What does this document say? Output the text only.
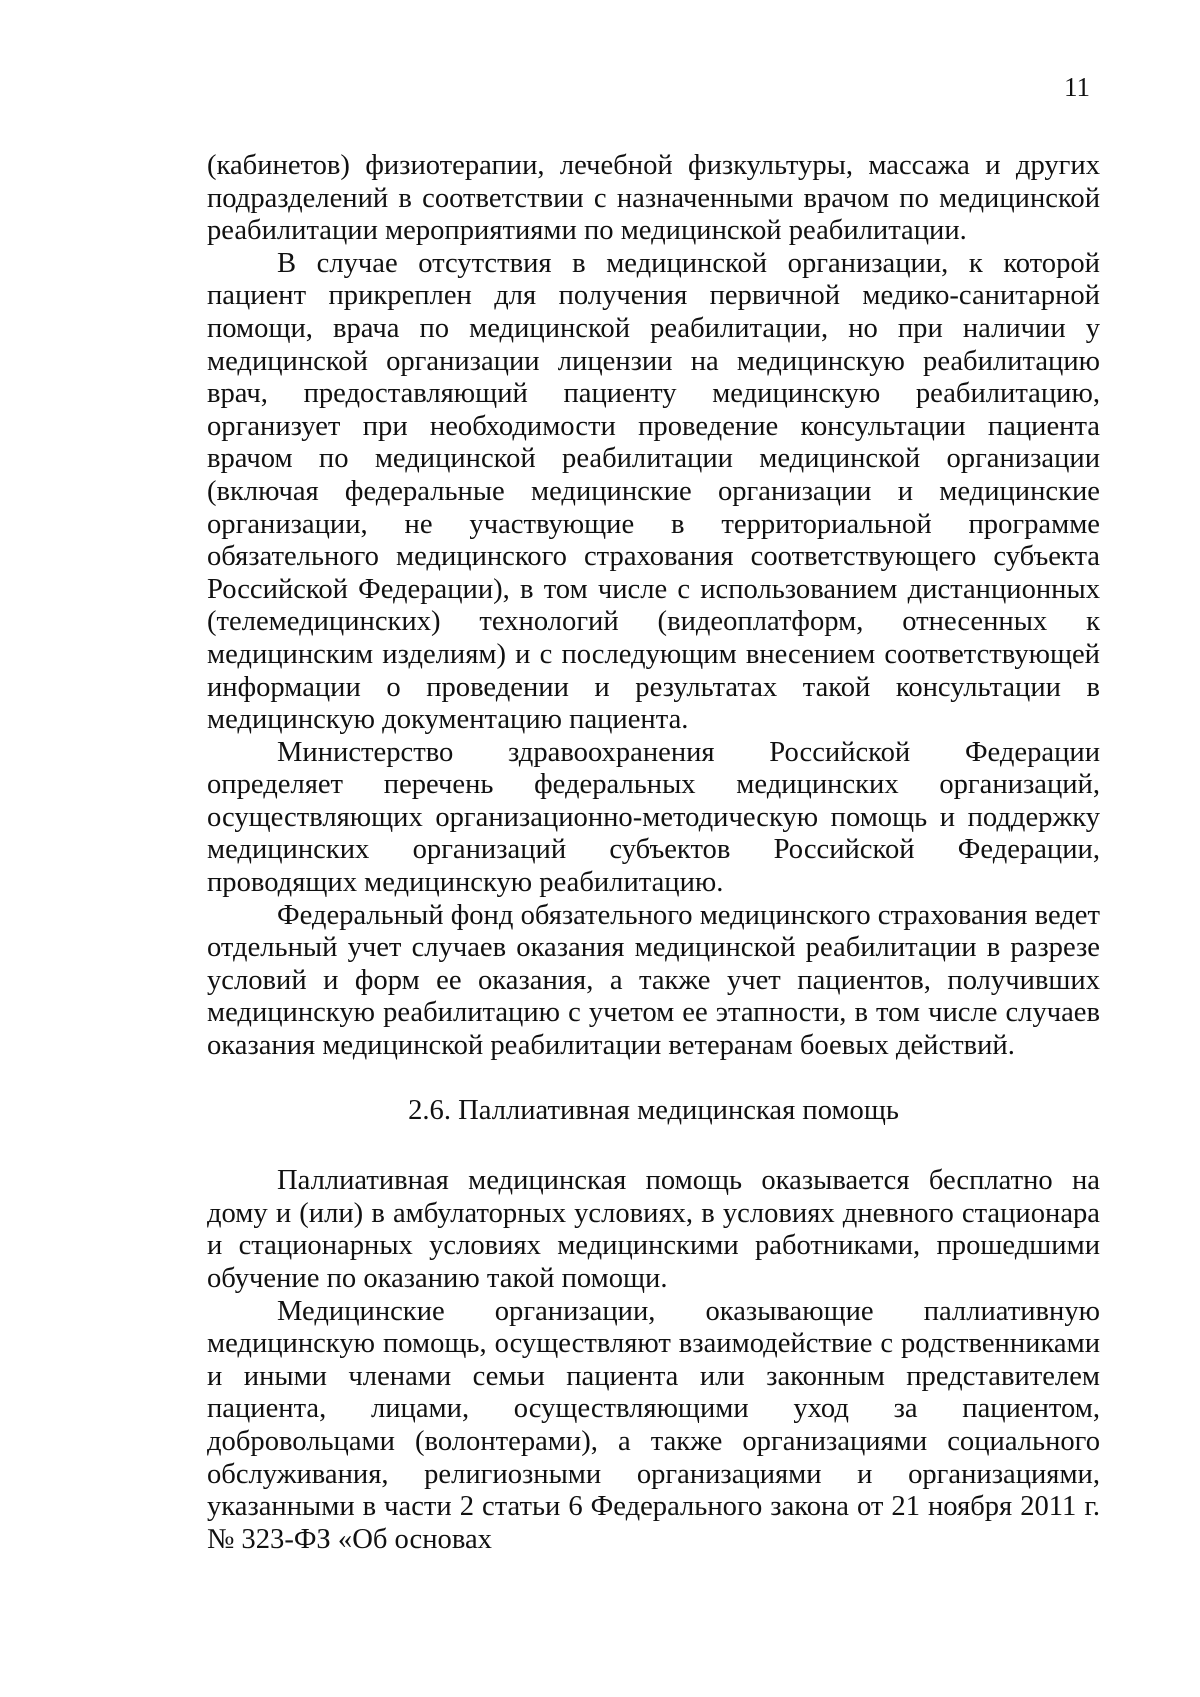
11

(кабинетов) физиотерапии, лечебной физкультуры, массажа и других подразделений в соответствии с назначенными врачом по медицинской реабилитации мероприятиями по медицинской реабилитации.

В случае отсутствия в медицинской организации, к которой пациент прикреплен для получения первичной медико-санитарной помощи, врача по медицинской реабилитации, но при наличии у медицинской организации лицензии на медицинскую реабилитацию врач, предоставляющий пациенту медицинскую реабилитацию, организует при необходимости проведение консультации пациента врачом по медицинской реабилитации медицинской организации (включая федеральные медицинские организации и медицинские организации, не участвующие в территориальной программе обязательного медицинского страхования соответствующего субъекта Российской Федерации), в том числе с использованием дистанционных (телемедицинских) технологий (видеоплатформ, отнесенных к медицинским изделиям) и с последующим внесением соответствующей информации о проведении и результатах такой консультации в медицинскую документацию пациента.

Министерство здравоохранения Российской Федерации определяет перечень федеральных медицинских организаций, осуществляющих организационно-методическую помощь и поддержку медицинских организаций субъектов Российской Федерации, проводящих медицинскую реабилитацию.

Федеральный фонд обязательного медицинского страхования ведет отдельный учет случаев оказания медицинской реабилитации в разрезе условий и форм ее оказания, а также учет пациентов, получивших медицинскую реабилитацию с учетом ее этапности, в том числе случаев оказания медицинской реабилитации ветеранам боевых действий.

2.6. Паллиативная медицинская помощь

Паллиативная медицинская помощь оказывается бесплатно на дому и (или) в амбулаторных условиях, в условиях дневного стационара и стационарных условиях медицинскими работниками, прошедшими обучение по оказанию такой помощи.

Медицинские организации, оказывающие паллиативную медицинскую помощь, осуществляют взаимодействие с родственниками и иными членами семьи пациента или законным представителем пациента, лицами, осуществляющими уход за пациентом, добровольцами (волонтерами), а также организациями социального обслуживания, религиозными организациями и организациями, указанными в части 2 статьи 6 Федерального закона от 21 ноября 2011 г. № 323-ФЗ «Об основах
